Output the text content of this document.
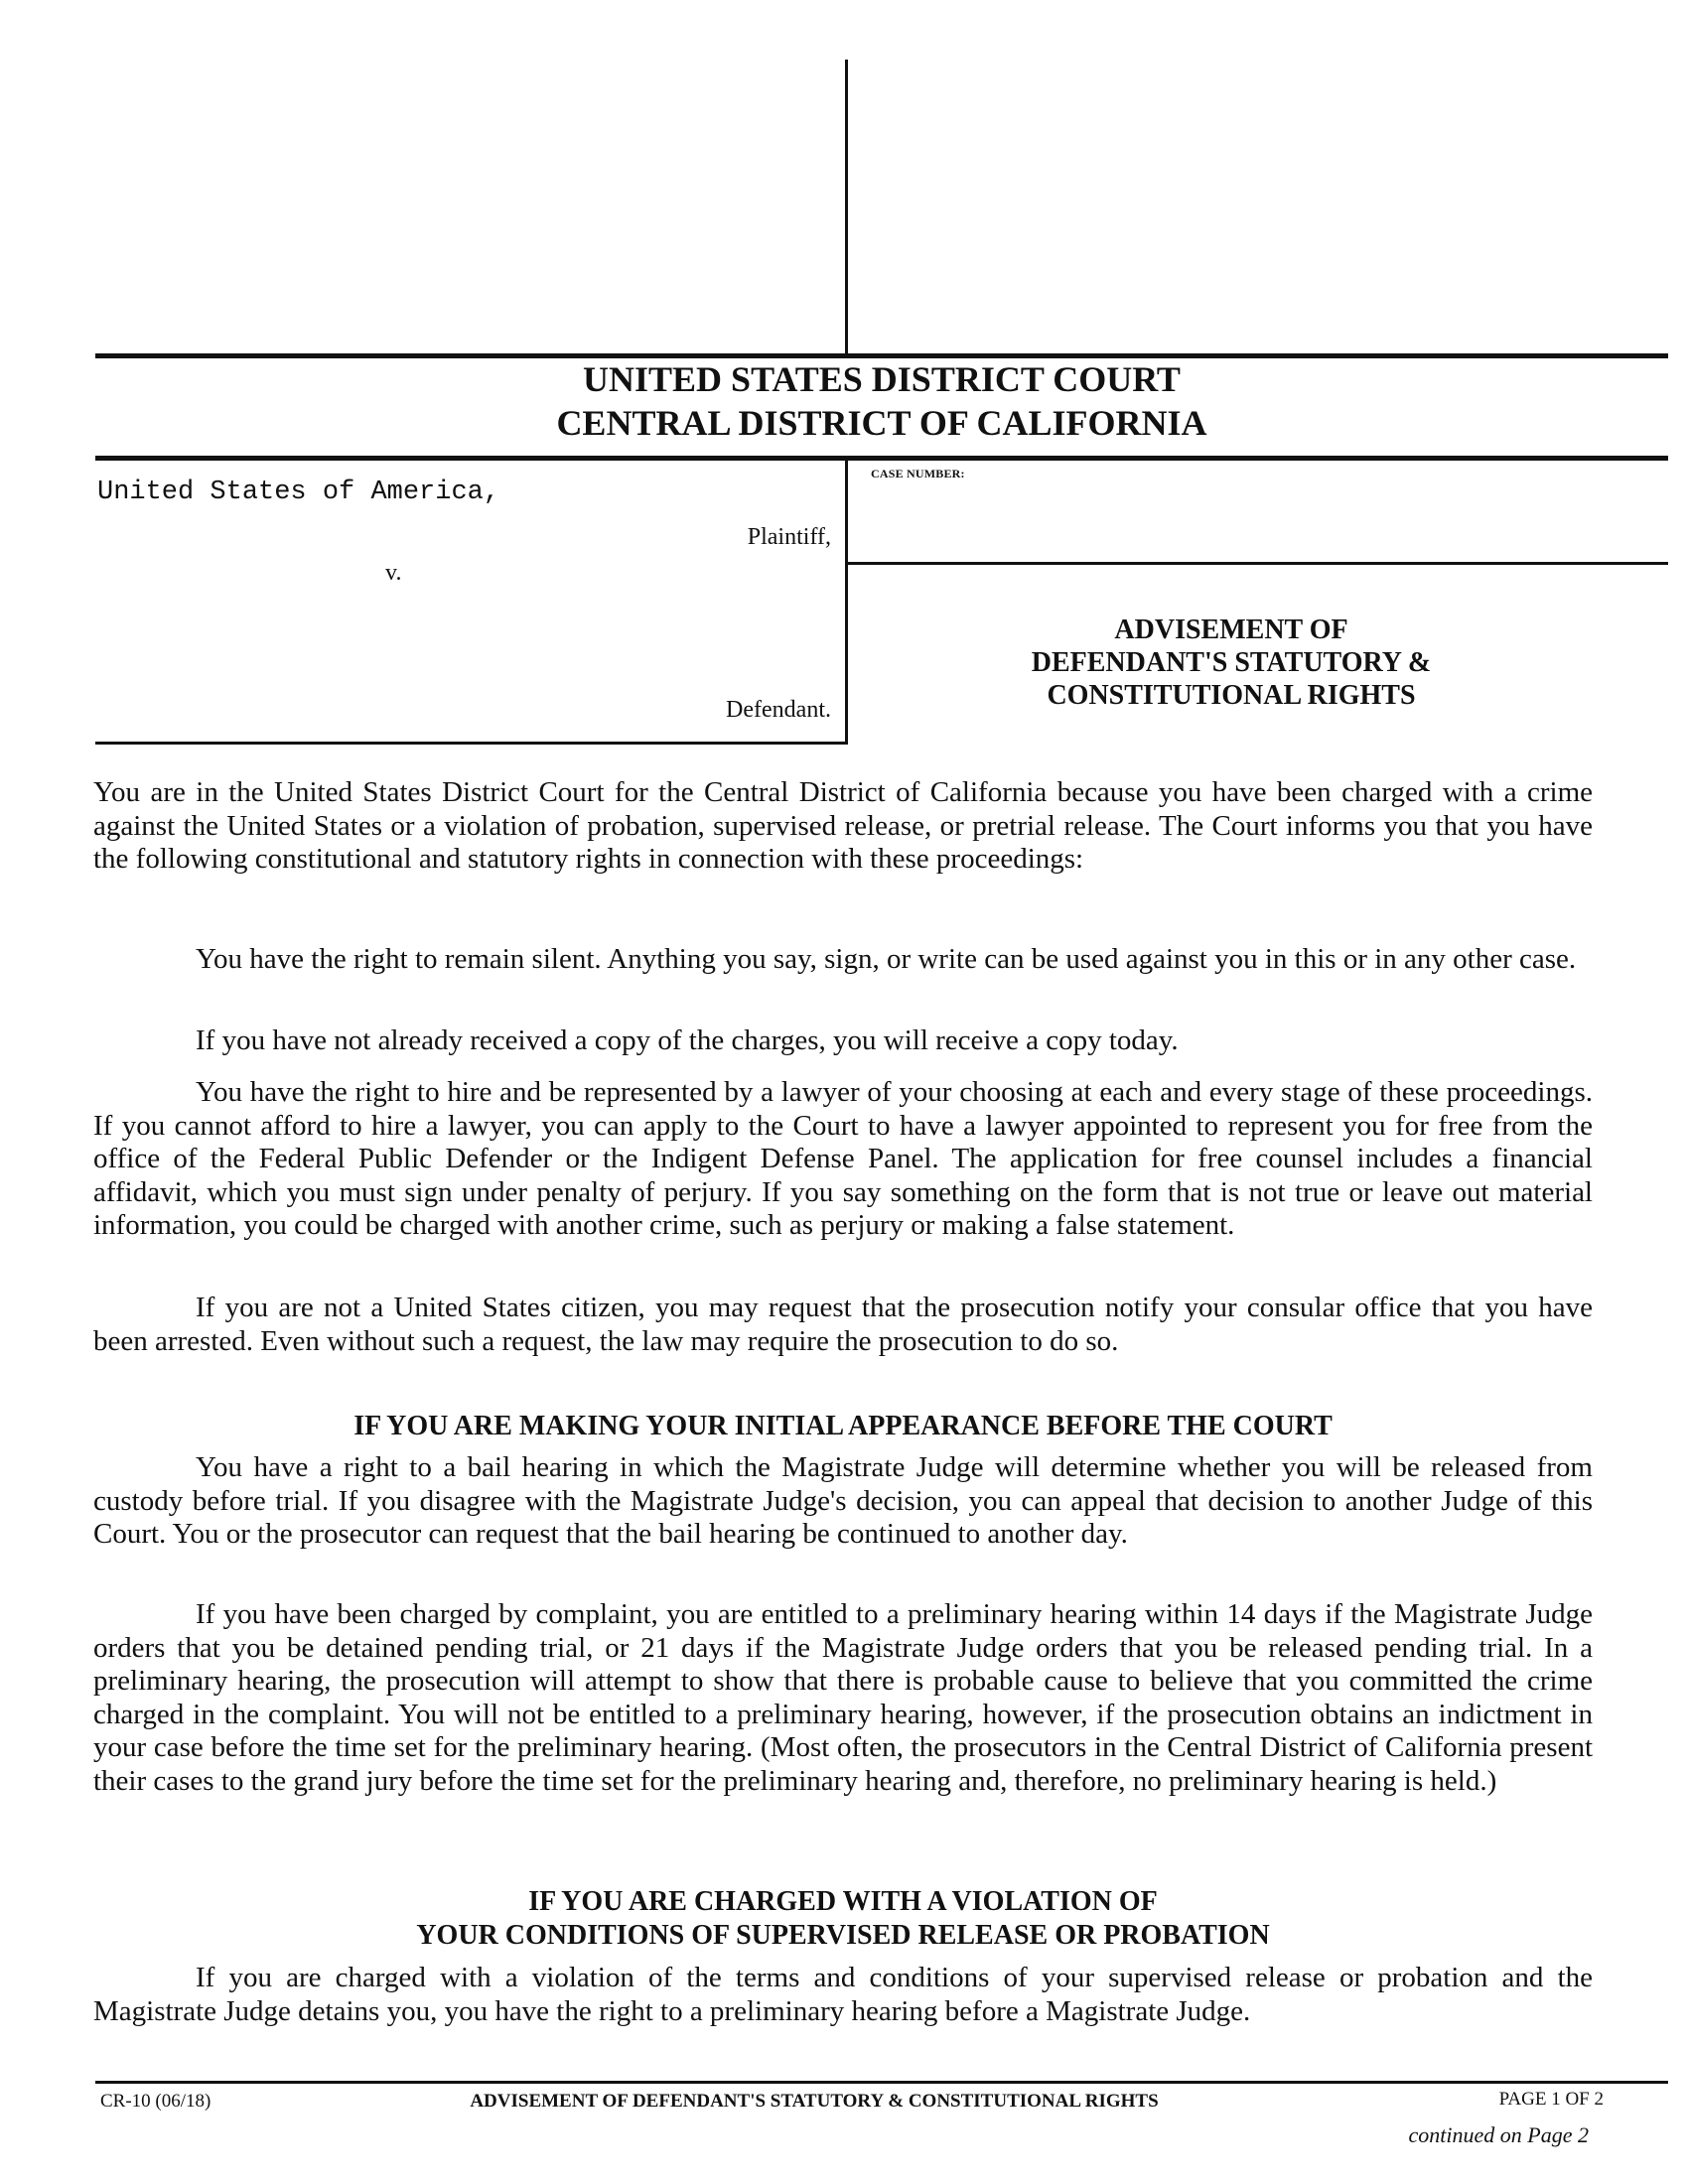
UNITED STATES DISTRICT COURT
CENTRAL DISTRICT OF CALIFORNIA
United States of America,
Plaintiff,
v.
Defendant.
CASE NUMBER:
ADVISEMENT OF
DEFENDANT'S STATUTORY &
CONSTITUTIONAL RIGHTS

You are in the United States District Court for the Central District of California because you have been charged with a crime against the United States or a violation of probation, supervised release, or pretrial release. The Court informs you that you have the following constitutional and statutory rights in connection with these proceedings:

You have the right to remain silent. Anything you say, sign, or write can be used against you in this or in any other case.

If you have not already received a copy of the charges, you will receive a copy today.

You have the right to hire and be represented by a lawyer of your choosing at each and every stage of these proceedings. If you cannot afford to hire a lawyer, you can apply to the Court to have a lawyer appointed to represent you for free from the office of the Federal Public Defender or the Indigent Defense Panel. The application for free counsel includes a financial affidavit, which you must sign under penalty of perjury. If you say something on the form that is not true or leave out material information, you could be charged with another crime, such as perjury or making a false statement.

If you are not a United States citizen, you may request that the prosecution notify your consular office that you have been arrested. Even without such a request, the law may require the prosecution to do so.

IF YOU ARE MAKING YOUR INITIAL APPEARANCE BEFORE THE COURT

You have a right to a bail hearing in which the Magistrate Judge will determine whether you will be released from custody before trial. If you disagree with the Magistrate Judge's decision, you can appeal that decision to another Judge of this Court. You or the prosecutor can request that the bail hearing be continued to another day.

If you have been charged by complaint, you are entitled to a preliminary hearing within 14 days if the Magistrate Judge orders that you be detained pending trial, or 21 days if the Magistrate Judge orders that you be released pending trial. In a preliminary hearing, the prosecution will attempt to show that there is probable cause to believe that you committed the crime charged in the complaint. You will not be entitled to a preliminary hearing, however, if the prosecution obtains an indictment in your case before the time set for the preliminary hearing. (Most often, the prosecutors in the Central District of California present their cases to the grand jury before the time set for the preliminary hearing and, therefore, no preliminary hearing is held.)

IF YOU ARE CHARGED WITH A VIOLATION OF
YOUR CONDITIONS OF SUPERVISED RELEASE OR PROBATION

If you are charged with a violation of the terms and conditions of your supervised release or probation and the Magistrate Judge detains you, you have the right to a preliminary hearing before a Magistrate Judge.

CR-10 (06/18)	ADVISEMENT OF DEFENDANT'S STATUTORY & CONSTITUTIONAL RIGHTS	PAGE 1 OF 2
continued on Page 2
